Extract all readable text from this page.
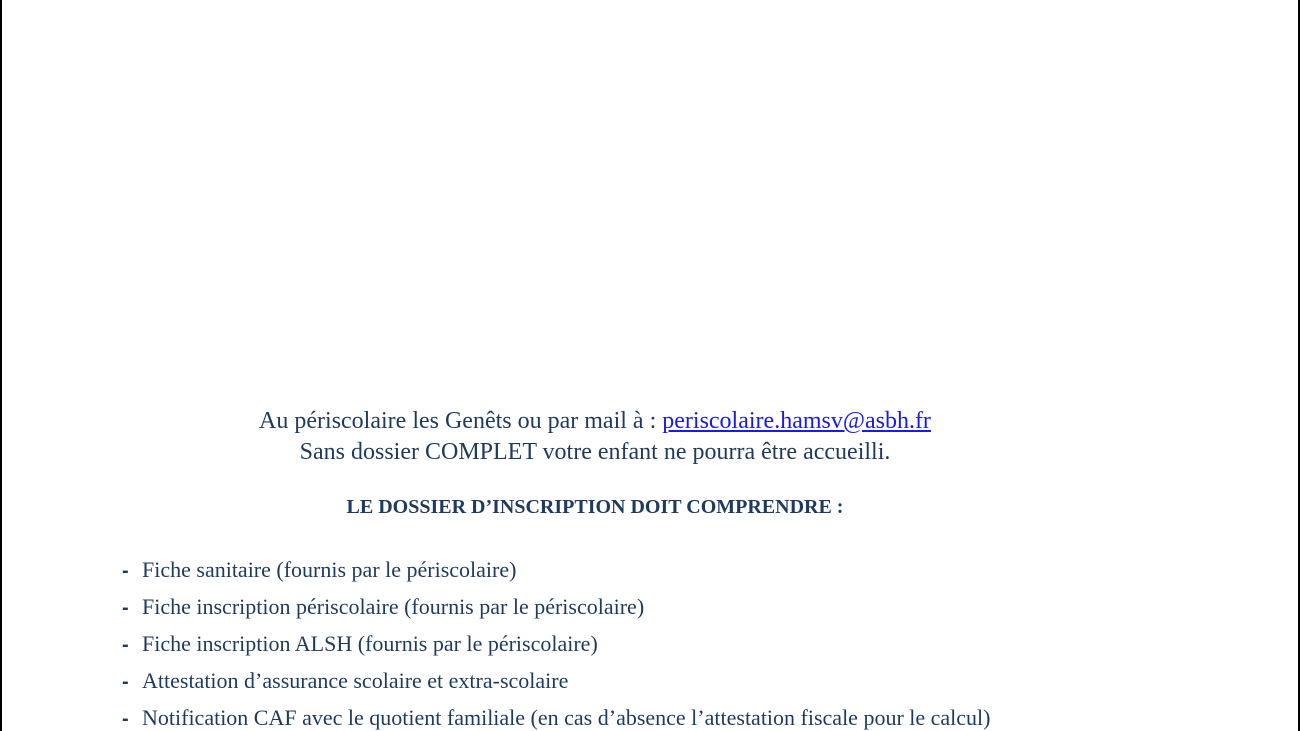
Au périscolaire les Genêts ou par mail à : periscolaire.hamsv@asbh.fr
Sans dossier COMPLET votre enfant ne pourra être accueilli.
LE DOSSIER D’INSCRIPTION DOIT COMPRENDRE :
- Fiche sanitaire (fournis par le périscolaire)
- Fiche inscription périscolaire (fournis par le périscolaire)
- Fiche inscription ALSH (fournis par le périscolaire)
- Attestation d’assurance scolaire et extra-scolaire
- Notification CAF avec le quotient familiale (en cas d’absence l’attestation fiscale pour le calcul)
